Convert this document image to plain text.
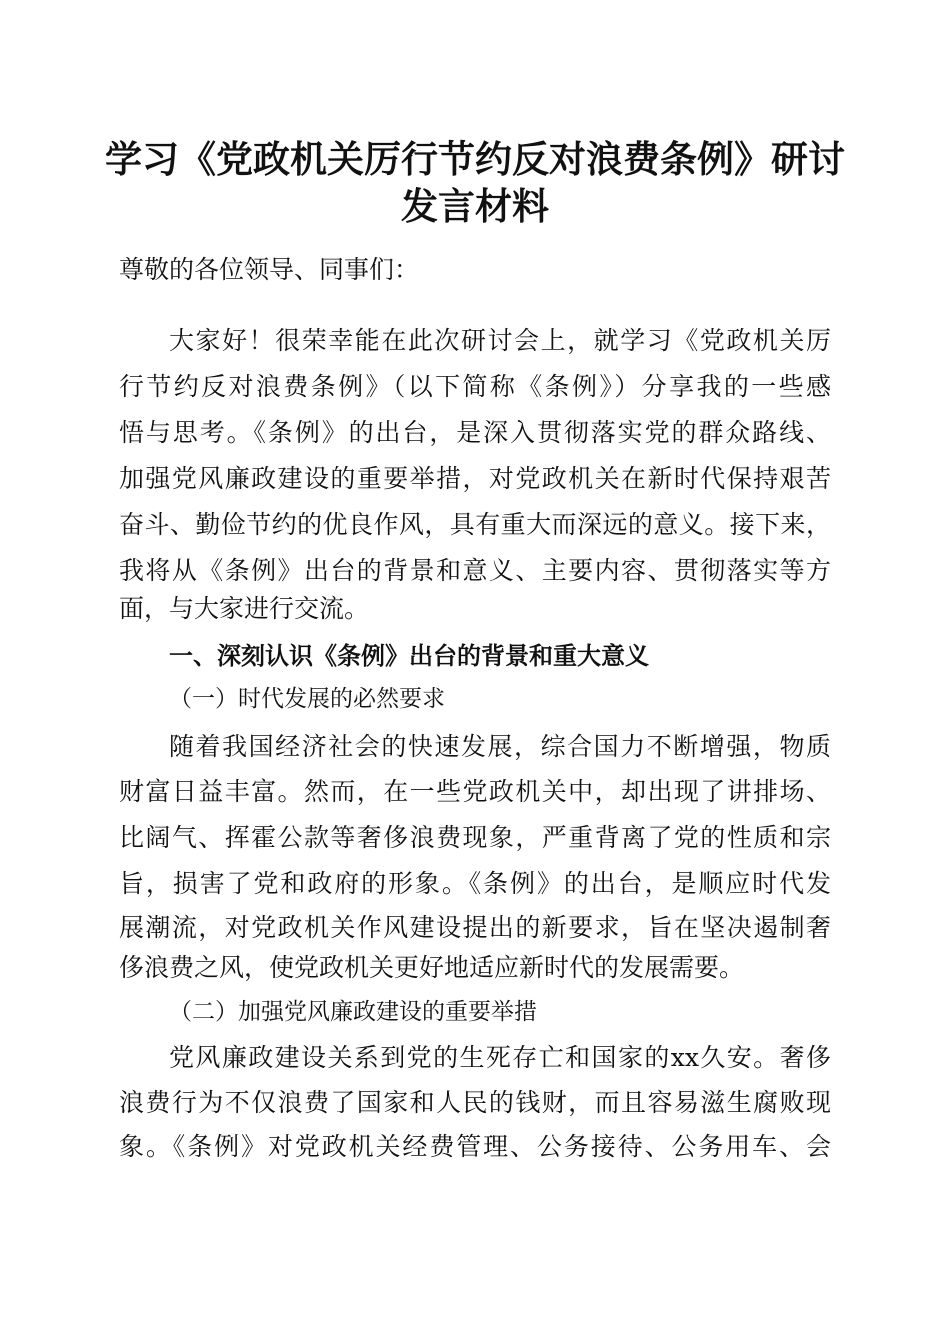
学习《党政机关厉行节约反对浪费条例》研讨
发言材料
尊敬的各位领导、同事们：
大家好！很荣幸能在此次研讨会上，就学习《党政机关厉
行节约反对浪费条例》（以下简称《条例》）分享我的一些感
悟与思考。《条例》的出台，是深入贯彻落实党的群众路线、
加强党风廉政建设的重要举措，对党政机关在新时代保持艰苦
奋斗、勤俭节约的优良作风，具有重大而深远的意义。接下来，
我将从《条例》出台的背景和意义、主要内容、贯彻落实等方
面，与大家进行交流。
一、深刻认识《条例》出台的背景和重大意义
（一）时代发展的必然要求
随着我国经济社会的快速发展，综合国力不断增强，物质
财富日益丰富。然而，在一些党政机关中，却出现了讲排场、
比阔气、挥霍公款等奢侈浪费现象，严重背离了党的性质和宗
旨，损害了党和政府的形象。《条例》的出台，是顺应时代发
展潮流，对党政机关作风建设提出的新要求，旨在坚决遏制奢
侈浪费之风，使党政机关更好地适应新时代的发展需要。
（二）加强党风廉政建设的重要举措
党风廉政建设关系到党的生死存亡和国家的xx久安。奢侈
浪费行为不仅浪费了国家和人民的钱财，而且容易滋生腐败现
象。《条例》对党政机关经费管理、公务接待、公务用车、会
